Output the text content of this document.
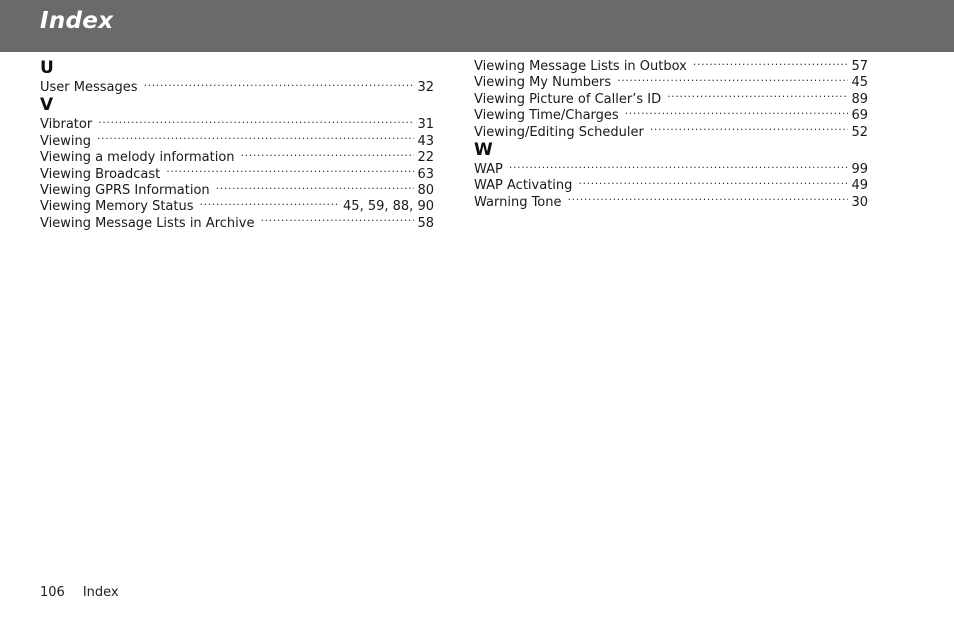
Index
U
User Messages .....	32
V
Vibrator .....	31
Viewing .....	43
Viewing a melody information .....	22
Viewing Broadcast .....	63
Viewing GPRS Information .....	80
Viewing Memory Status .....	45, 59, 88, 90
Viewing Message Lists in Archive .....	58
Viewing Message Lists in Outbox .....	57
Viewing My Numbers .....	45
Viewing Picture of Caller’s ID .....	89
Viewing Time/Charges .....	69
Viewing/Editing Scheduler .....	52
W
WAP .....	99
WAP Activating .....	49
Warning Tone .....	30
106 Index
